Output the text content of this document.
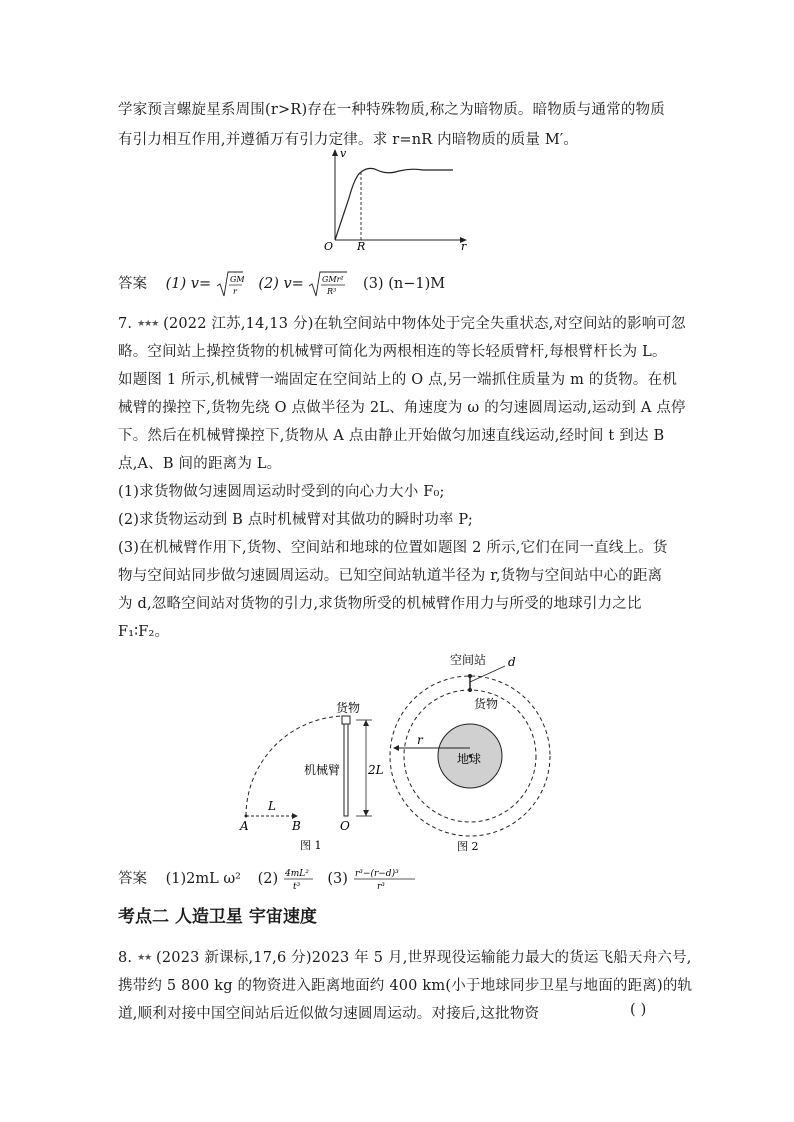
学家预言螺旋星系周围(r>R)存在一种特殊物质,称之为暗物质。暗物质与通常的物质
有引力相互作用,并遵循万有引力定律。求 r=nR 内暗物质的质量 M′。
v
r
O R
答案 (1) v= GM
r (2) v= GMr²
R³ (3) (n−1)M
7. ★★★ (2022 江苏,14,13 分)在轨空间站中物体处于完全失重状态,对空间站的影响可忽
略。空间站上操控货物的机械臂可简化为两根相连的等长轻质臂杆,每根臂杆长为 L。
如题图 1 所示,机械臂一端固定在空间站上的 O 点,另一端抓住质量为 m 的货物。在机
械臂的操控下,货物先绕 O 点做半径为 2L、角速度为 ω 的匀速圆周运动,运动到 A 点停
下。然后在机械臂操控下,货物从 A 点由静止开始做匀加速直线运动,经时间 t 到达 B
点,A、B 间的距离为 L。
(1)求货物做匀速圆周运动时受到的向心力大小 F₀;
(2)求货物运动到 B 点时机械臂对其做功的瞬时功率 P;
(3)在机械臂作用下,货物、空间站和地球的位置如题图 2 所示,它们在同一直线上。货
物与空间站同步做匀速圆周运动。已知空间站轨道半径为 r,货物与空间站中心的距离
为 d,忽略空间站对货物的引力,求货物所受的机械臂作用力与所受的地球引力之比
F₁∶F₂。
货物
机械臂 2L
L
A	B	O
图 1
空间站 d
货物
r
地球
图 2
答案 (1)2mL ω² (2) 4mL²
t³ (3) r³−(r−d)³
r³
考点二 人造卫星 宇宙速度
8. ★★ (2023 新课标,17,6 分)2023 年 5 月,世界现役运输能力最大的货运飞船天舟六号,
携带约 5 800 kg 的物资进入距离地面约 400 km(小于地球同步卫星与地面的距离)的轨
道,顺利对接中国空间站后近似做匀速圆周运动。对接后,这批物资	( )
